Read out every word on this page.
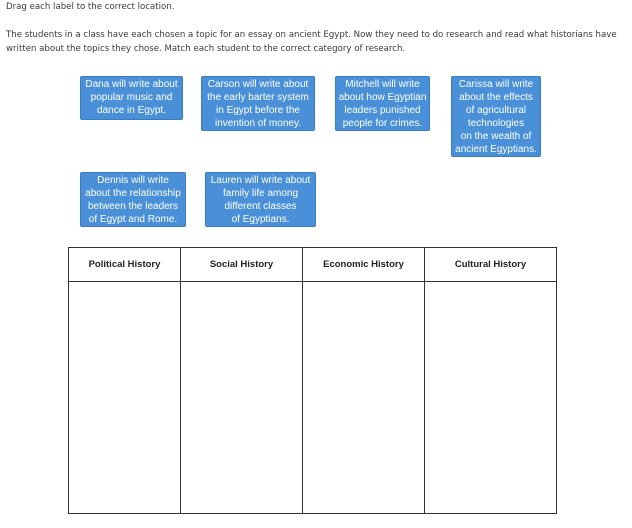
Drag each label to the correct location.
The students in a class have each chosen a topic for an essay on ancient Egypt. Now they need to do research and read what historians have written about the topics they chose. Match each student to the correct category of research.
Dana will write about
popular music and
dance in Egypt.
Carson will write about
the early barter system
in Egypt before the
invention of money.
Mitchell will write
about how Egyptian
leaders punished
people for crimes.
Carissa will write
about the effects
of agricultural
technologies
on the wealth of
ancient Egyptians.
Dennis will write
about the relationship
between the leaders
of Egypt and Rome.
Lauren will write about
family life among
different classes
of Egyptians.
Political History	Social History	Economic History	Cultural History
